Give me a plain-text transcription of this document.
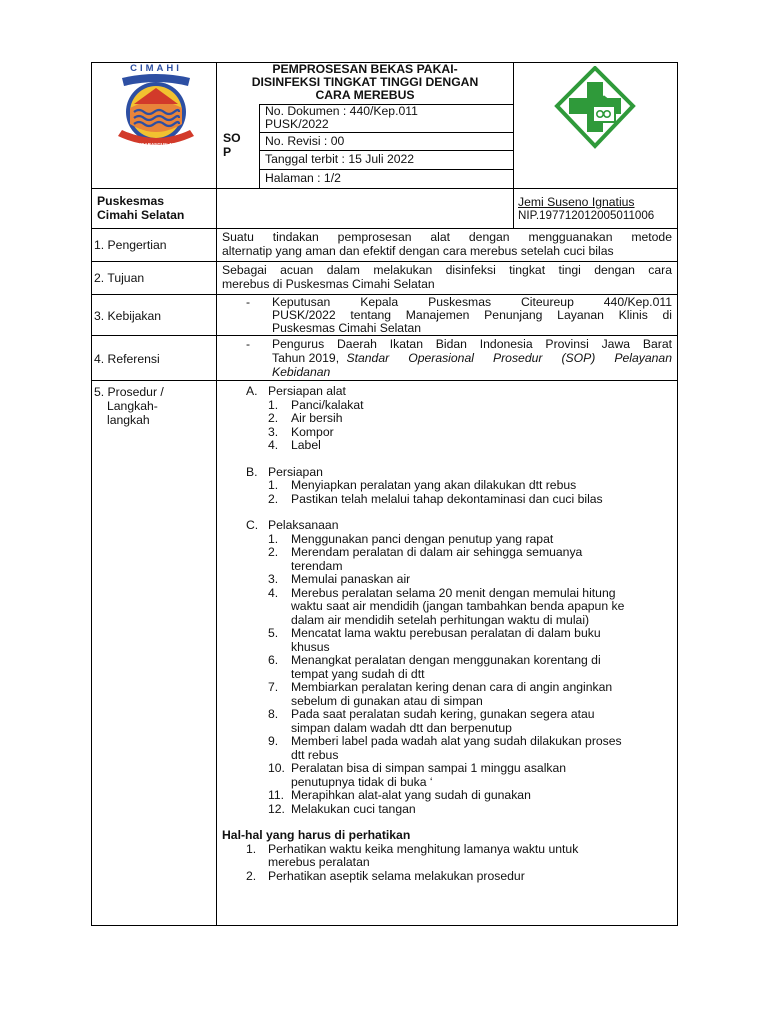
CIMAHI
SALUYU NGABANGUN JATI MANDIRI
PEMPROSESAN BEKAS PAKAI-
DISINFEKSI TINGKAT TINGGI DENGAN
CARA MEREBUS
SO
P
No. Dokumen : 440/Kep.011
PUSK/2022
No. Revisi : 00
Tanggal terbit : 15 Juli 2022
Halaman : 1/2
Puskesmas
Cimahi Selatan
Jemi Suseno Ignatius
NIP.19771201200501100​6
1. Pengertian
Suatu tindakan pemprosesan alat dengan mengguanakan metode
alternatip yang aman dan efektif dengan cara merebus setelah cuci bilas
2. Tujuan
Sebagai acuan dalam melakukan disinfeksi tingkat tingi dengan cara
merebus di Puskesmas Cimahi Selatan
3. Kebijakan
- Keputusan Kepala Puskesmas Citeureup 440/Kep.011
PUSK/2022 tentang Manajemen Penunjang Layanan Klinis di
Puskesmas Cimahi Selatan
4. Referensi
- Pengurus Daerah Ikatan Bidan Indonesia Provinsi Jawa Barat
Tahun 2019, Standar Operasional Prosedur (SOP) Pelayanan
Kebidanan
5. Prosedur /
Langkah-
langkah
A. Persiapan alat
1. Panci/kalakat
2. Air bersih
3. Kompor
4. Label
B. Persiapan
1. Menyiapkan peralatan yang akan dilakukan dtt rebus
2. Pastikan telah melalui tahap dekontaminasi dan cuci bilas
C. Pelaksanaan
1. Menggunakan panci dengan penutup yang rapat
2. Merendam peralatan di dalam air sehingga semuanya
terendam
3. Memulai panaskan air
4. Merebus peralatan selama 20 menit dengan memulai hitung
waktu saat air mendidih (jangan tambahkan benda apapun ke
dalam air mendidih setelah perhitungan waktu di mulai)
5. Mencatat lama waktu perebusan peralatan di dalam buku
khusus
6. Menangkat peralatan dengan menggunakan korentang di
tempat yang sudah di dtt
7. Membiarkan peralatan kering denan cara di angin anginkan
sebelum di gunakan atau di simpan
8. Pada saat peralatan sudah kering, gunakan segera atau
simpan dalam wadah dtt dan berpenutup
9. Memberi label pada wadah alat yang sudah dilakukan proses
dtt rebus
10. Peralatan bisa di simpan sampai 1 minggu asalkan
penutupnya tidak di buka ‘
11. Merapihkan alat-alat yang sudah di gunakan
12. Melakukan cuci tangan
Hal-hal yang harus di perhatikan
1. Perhatikan waktu keika menghitung lamanya waktu untuk
merebus peralatan
2. Perhatikan aseptik selama melakukan prosedur
